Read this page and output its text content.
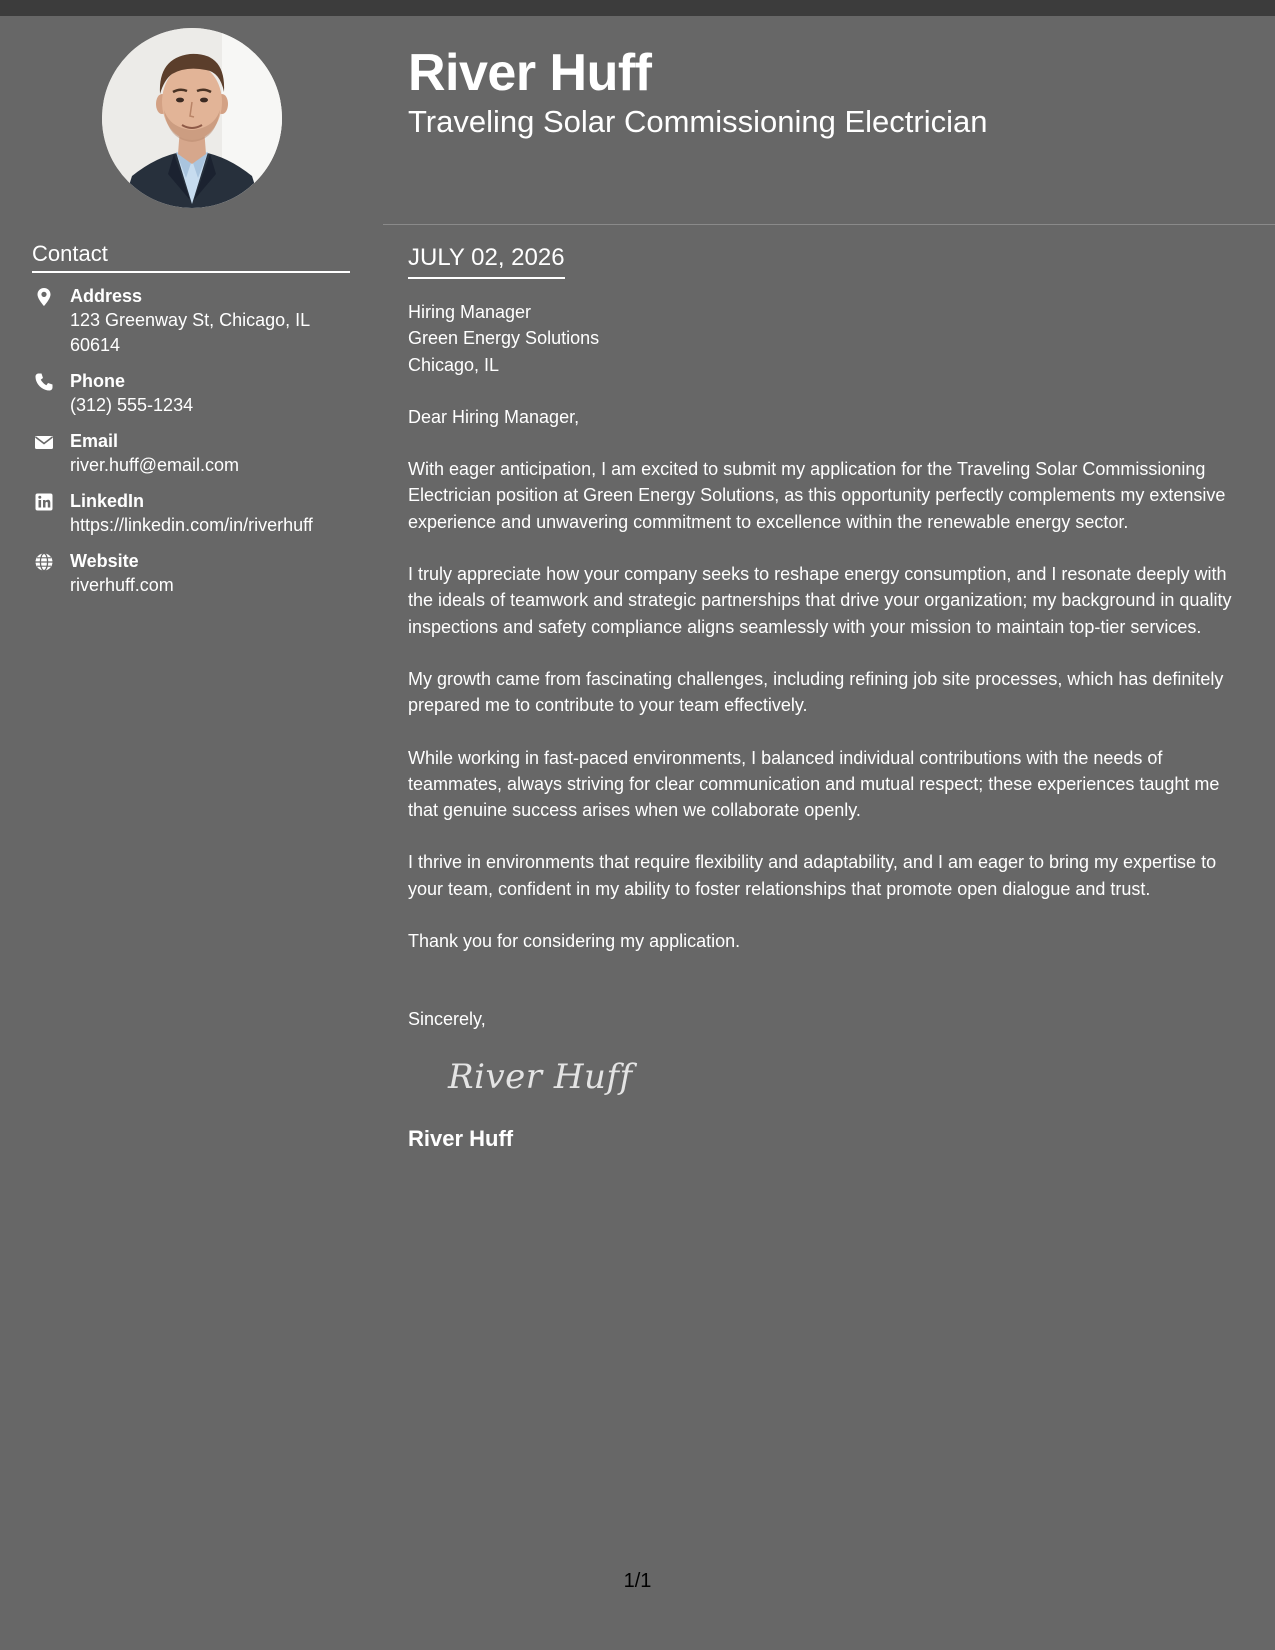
Contact
Address
123 Greenway St, Chicago, IL 60614
Phone
(312) 555-1234
Email
river.huff@email.com
LinkedIn
https://linkedin.com/in/riverhuff
Website
riverhuff.com
River Huff
Traveling Solar Commissioning Electrician
JULY 02, 2026
Hiring Manager
Green Energy Solutions
Chicago, IL

Dear Hiring Manager,

With eager anticipation, I am excited to submit my application for the Traveling Solar Commissioning Electrician position at Green Energy Solutions, as this opportunity perfectly complements my extensive experience and unwavering commitment to excellence within the renewable energy sector.

I truly appreciate how your company seeks to reshape energy consumption, and I resonate deeply with the ideals of teamwork and strategic partnerships that drive your organization; my background in quality inspections and safety compliance aligns seamlessly with your mission to maintain top-tier services.

My growth came from fascinating challenges, including refining job site processes, which has definitely prepared me to contribute to your team effectively.

While working in fast-paced environments, I balanced individual contributions with the needs of teammates, always striving for clear communication and mutual respect; these experiences taught me that genuine success arises when we collaborate openly.

I thrive in environments that require flexibility and adaptability, and I am eager to bring my expertise to your team, confident in my ability to foster relationships that promote open dialogue and trust.

Thank you for considering my application.

Sincerely,

River Huff
River Huff
1/1
